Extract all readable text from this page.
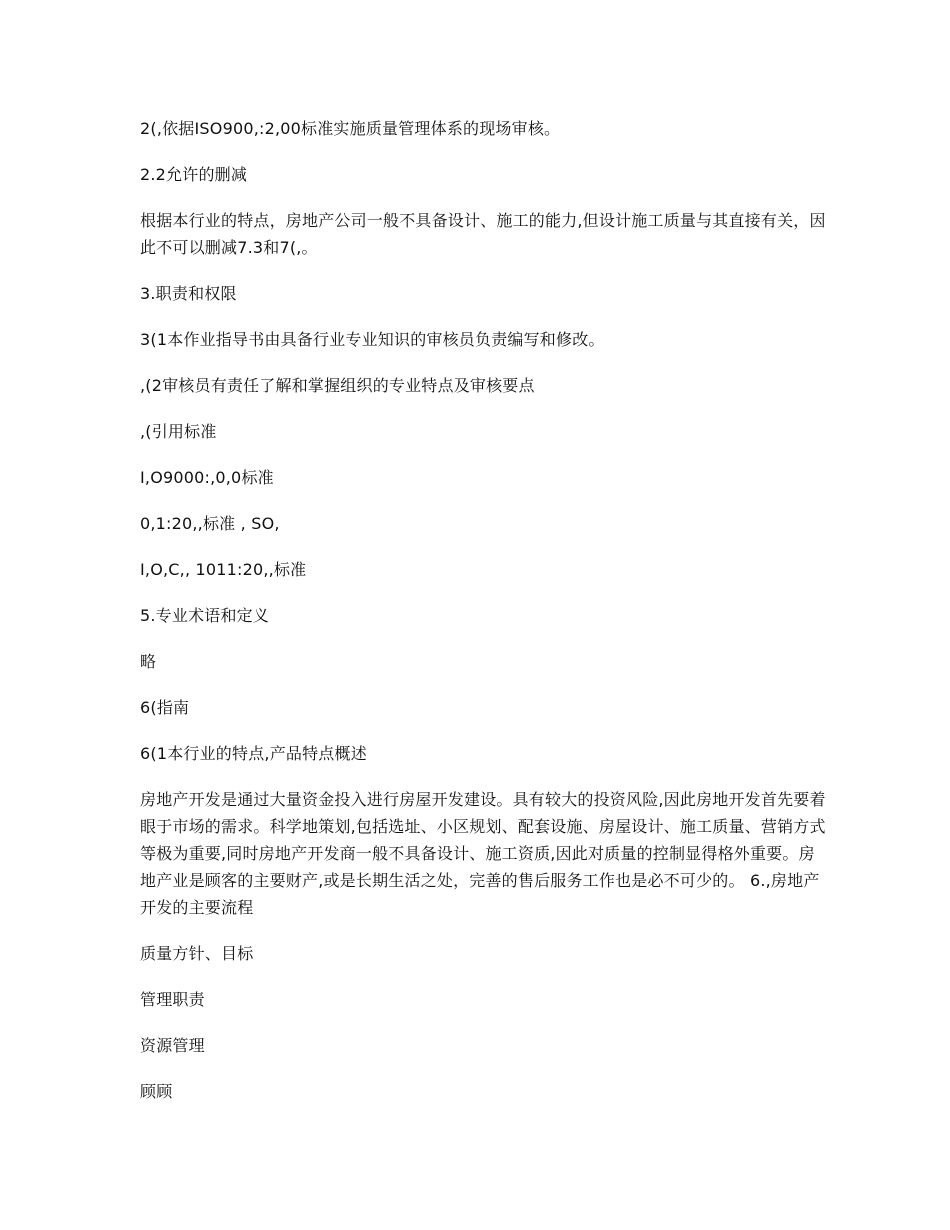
2(,依据ISO900,:2,00标准实施质量管理体系的现场审核。

2.2允许的删减

根据本行业的特点，房地产公司一般不具备设计、施工的能力,但设计施工质量与其直接有关，因此不可以删减7.3和7(,。

3.职责和权限

3(1本作业指导书由具备行业专业知识的审核员负责编写和修改。

,(2审核员有责任了解和掌握组织的专业特点及审核要点

,(引用标准

I,O9000:,0,0标准

0,1:20,,标准 , SO,

I,O,C,, 1011:20,,标准

5.专业术语和定义

略

6(指南

6(1本行业的特点,产品特点概述

房地产开发是通过大量资金投入进行房屋开发建设。具有较大的投资风险,因此房地开发首先要着眼于市场的需求。科学地策划,包括选址、小区规划、配套设施、房屋设计、施工质量、营销方式等极为重要,同时房地产开发商一般不具备设计、施工资质,因此对质量的控制显得格外重要。房地产业是顾客的主要财产,或是长期生活之处，完善的售后服务工作也是必不可少的。 6.,房地产开发的主要流程

质量方针、目标

管理职责

资源管理

顾顾
